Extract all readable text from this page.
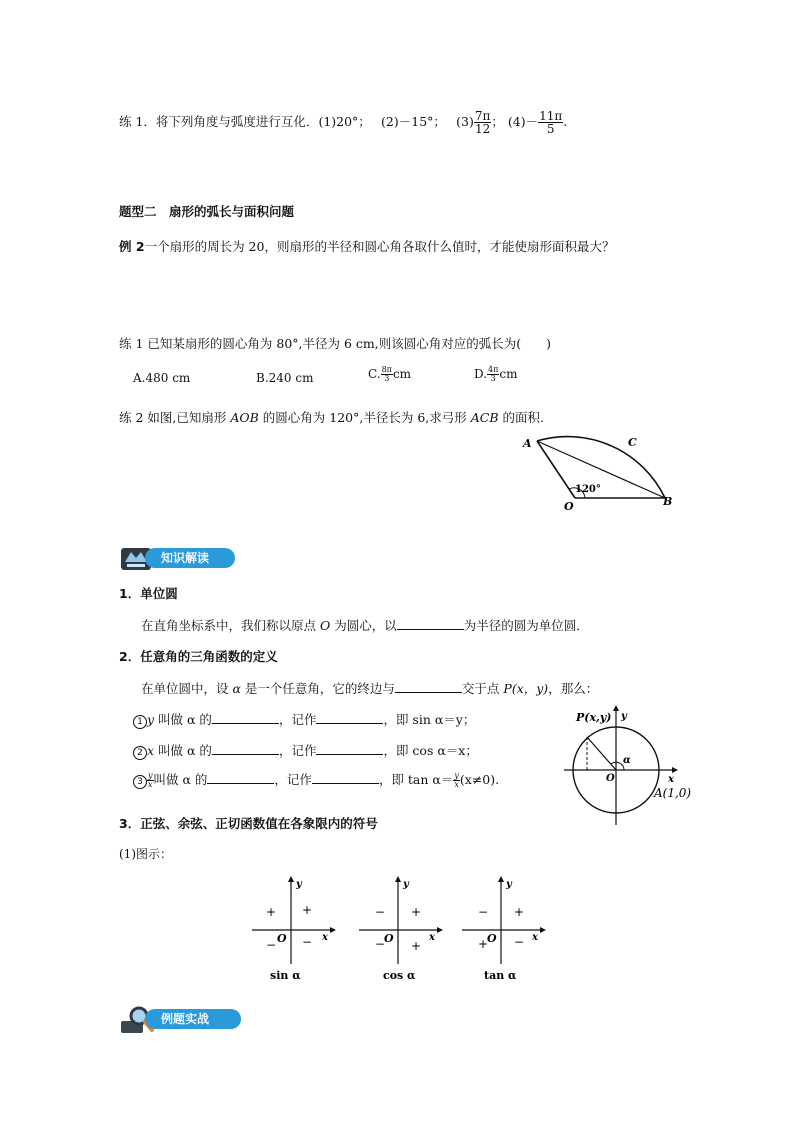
练 1．将下列角度与弧度进行互化．(1)20°；　 (2)－15°；　 $(3) \frac{7\pi}{12}$ ； $(4)- \frac{11\pi}{5}$ .
题型二　扇形的弧长与面积问题
例 2一个扇形的周长为 20，则扇形的半径和圆心角各取什么值时，才能使扇形面积最大？
练 1 已知某扇形的圆心角为 80°,半径为 6 cm,则该圆心角对应的弧长为(　　)
A.480 cm	B.240 cm	C. $\frac{8\pi}{3}$ cm	D. $\frac{4\pi}{3}$ cm
练 2 如图,已知扇形 AOB 的圆心角为 120°,半径长为 6,求弓形 ACB 的面积.
A	C
O	B
120°
知识解读
1．单位圆
在直角坐标系中，我们称以原点 O 为圆心，以	为半径的圆为单位圆．
2．任意角的三角函数的定义
在单位圆中，设 α 是一个任意角，它的终边与	交于点 P(x，y)，那么：
1 y 叫做 α 的	，记作	，即 sin α＝y；
2 x 叫做 α 的	，记作	，即 cos α＝x；
$3 \frac{y}{x}$ 叫做 α 的	，记作	，即 $\tan \alpha= \frac{y}{x} (x\ne 0)$.
P(x,y) y
x
O
α
A(1,0)
3．正弦、余弦、正切函数值在各象限内的符号
(1)图示：
y
x
O
+ +
− −
sin α
y
x
O
− +
− +
cos α
y
x
O
− +
+ −
tan α
例题实战
